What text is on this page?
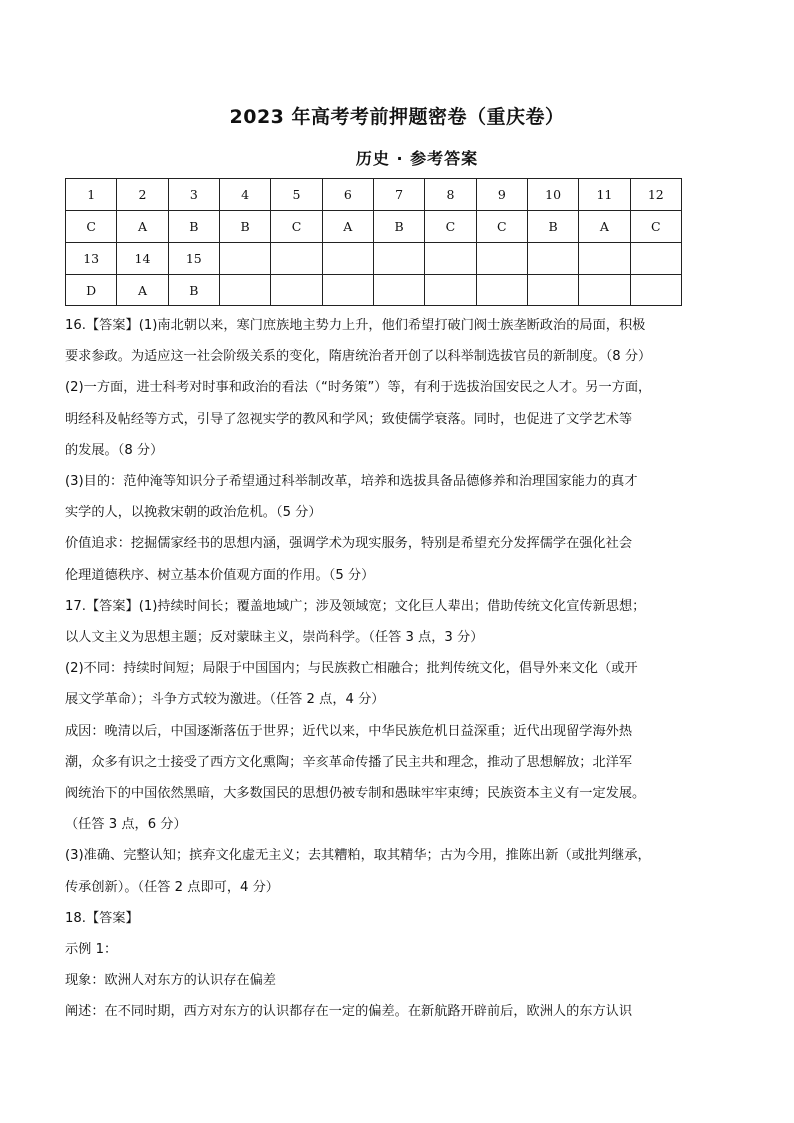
2023 年高考考前押题密卷（重庆卷）
历史 · 参考答案
1	2	3	4	5	6	7	8	9	10	11	12
C	A	B	B	C	A	B	C	C	B	A	C
13	14	15									
D	A	B									

16.【答案】(1)南北朝以来，寒门庶族地主势力上升，他们希望打破门阀士族垄断政治的局面，积极

要求参政。为适应这一社会阶级关系的变化，隋唐统治者开创了以科举制选拔官员的新制度。（8 分）

(2)一方面，进士科考对时事和政治的看法（“时务策”）等，有利于选拔治国安民之人才。另一方面，

明经科及帖经等方式，引导了忽视实学的教风和学风；致使儒学衰落。同时，也促进了文学艺术等

的发展。（8 分）

(3)目的：范仲淹等知识分子希望通过科举制改革，培养和选拔具备品德修养和治理国家能力的真才

实学的人，以挽救宋朝的政治危机。（5 分）

价值追求：挖掘儒家经书的思想内涵，强调学术为现实服务，特别是希望充分发挥儒学在强化社会

伦理道德秩序、树立基本价值观方面的作用。（5 分）

17.【答案】(1)持续时间长；覆盖地域广；涉及领域宽；文化巨人辈出；借助传统文化宣传新思想；

以人文主义为思想主题；反对蒙昧主义，崇尚科学。（任答 3 点，3 分）

(2)不同：持续时间短；局限于中国国内；与民族救亡相融合；批判传统文化，倡导外来文化（或开

展文学革命）；斗争方式较为激进。（任答 2 点，4 分）

成因：晚清以后，中国逐渐落伍于世界；近代以来，中华民族危机日益深重；近代出现留学海外热

潮，众多有识之士接受了西方文化熏陶；辛亥革命传播了民主共和理念，推动了思想解放；北洋军

阀统治下的中国依然黑暗，大多数国民的思想仍被专制和愚昧牢牢束缚；民族资本主义有一定发展。

（任答 3 点，6 分）

(3)准确、完整认知；摈弃文化虚无主义；去其糟粕，取其精华；古为今用，推陈出新（或批判继承，

传承创新）。（任答 2 点即可，4 分）

18.【答案】

示例 1：

现象：欧洲人对东方的认识存在偏差

阐述：在不同时期，西方对东方的认识都存在一定的偏差。在新航路开辟前后，欧洲人的东方认识
